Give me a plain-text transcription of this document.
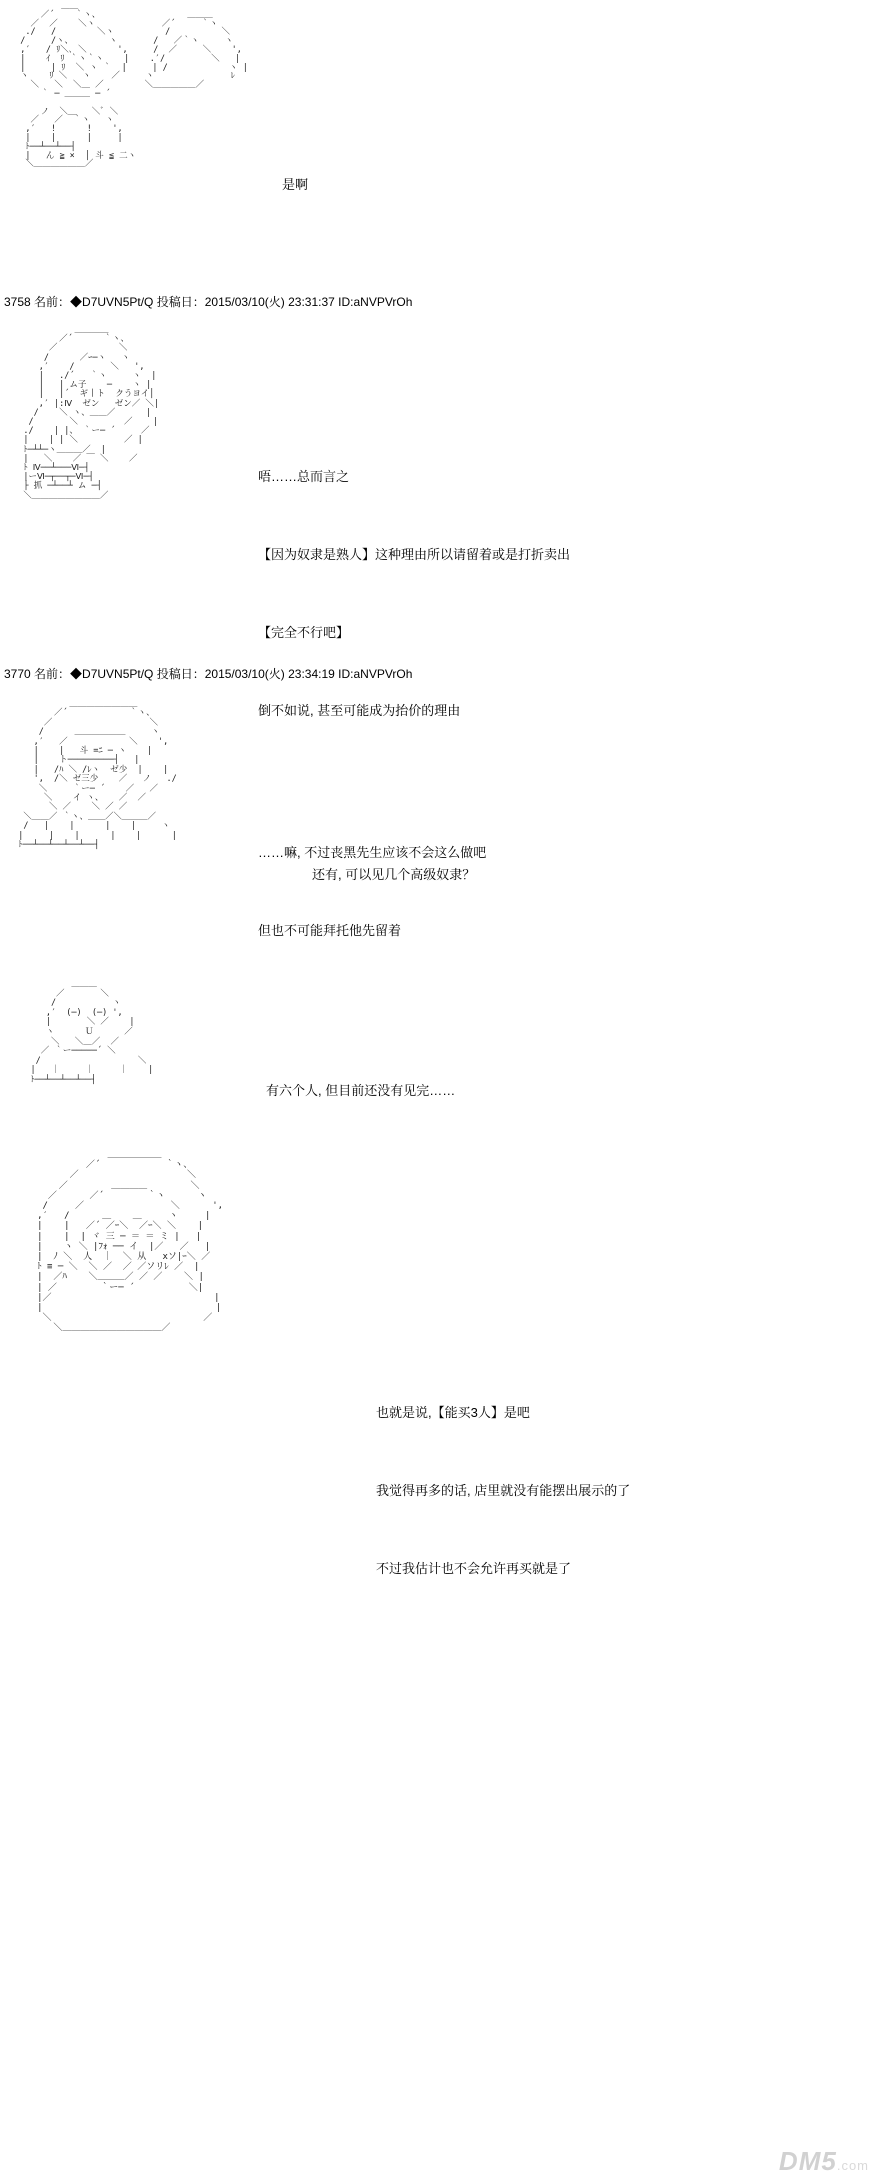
＿＿
／´    ｀ヽ、                 ＿＿＿
／  ／    ＼ヽ             ／´     ｀ヽ
./   /        ＼ヽ          /          ＼
/     /ヽ、       ヽ       /   ／｀ヽ     ヽ
,′   / ﾘ＼､ ＼      ',     /  ／     ＼    ',
|    ｲ  ﾘ ｀ヽ｀ヽ    |    .′/         ＼   |
|     | ﾘ  ＼ ヽ ｀  |     | /            ヽ |
ヽ    ﾘ ＼   ヽ    ／     ヽ               ﾚ
＼   ＼  ＼＿ ／        ＼＿＿＿＿＿／
｀ ─ ＿＿＿ ─ ´

ノ  ＼＿   ＼ﾞ ＼
／   ／  ｀ヽ   ヽ
,′   !      !    ',
|    |      |     |
ﾄ──┴──┴──┤
|   ん ≧ ×  │ 斗 ≦ 二ヽ
＼＿＿＿＿＿＿／

是啊

3758 名前：◆D7UVN5Pt/Q 投稿日：2015/03/10(火) 23:31:37 ID:aNVPVrOh
＿＿＿＿
／´      ｀ヽ、
／            ＼
/      ／ｰ─ヽ   ヽ
,′    /       ＼   ',
|   ./´   ｀ヽ     ヽ  |
|   | ム子    ─    ヽ |
|   |´  ギ丨ト  クうヨイ│
,′ |:Ⅳ  ゼン   ゼン／ ＼|
/    ＼ ヽ、＿＿／      |
/       ＼         ／    |
./    | |、 ｀ー─ ´     ／
|    | | ＼         ／ |
ﾄ─┴┴─ヽ＿＿＿／  |
|   ＼    ／ ￣ ＼    ／
ﾄ Ⅳ──┴───Ⅵ─┤
|ーⅥ─┬──┬─Ⅵ─┤
├ 抓 ─┴──┴ ム ─┤
＼＿＿＿＿＿＿＿＿／

唔……总而言之

【因为奴隶是熟人】这种理由所以请留着或是打折卖出

【完全不行吧】

倒不如说, 甚至可能成为抬价的理由

……嘛, 不过丧黑先生应该不会这么做吧

但也不可能拜托他先留着

3770 名前：◆D7UVN5Pt/Q 投稿日：2015/03/10(火) 23:34:19 ID:aNVPVrOh
＿＿＿＿＿＿＿＿
／´            ｀ヽ、
／                   ＼
/      ＿＿＿＿＿＿     ヽ
,′   ／            ＼    ',
|    |   斗 =ﾆ ─ ヽ    |
|    ト─────────┤   |
|   /ﾊ ＼ /ﾚヽ  ゼ少  |    |
',  /＼ ゼ三少    ／   ノ   ./
＼     ｀ー─ ´    ／   ／
＼    イ ヽ、   ／  ／
＼ ／    ＼ ／ ／
＼＿＿／ ｀ヽ、＿＿／＼＿＿＿／
/   |    |      |    |     ヽ
|     |    |      |    |      |
ﾄ──┴──┴──┴──┴──┤

还有, 可以见几个高级奴隶？

＿＿＿
／       ＼
/           ヽ
,′  (─)  (─) ',
|       ＼ ／    |
ヽ      Ｕ      ／
＼   ＼＿／  ／
／ ｀ー─────´ ＼
/                   ＼
|   ｜     ｜     ｜    |
ﾄ──┴──┴──┴──┤

有六个人, 但目前还没有见完……

＿＿＿＿＿＿
／´            ｀ヽ、
／                    ＼
／        ＿＿＿＿        ＼
／      ／´        ｀ヽ      ヽ
/     ／                ＼      ',
,′   /      ＿    ＿     ヽ     |
|    |   ／´ ／ｰ＼  ／ｰ＼ ＼    |
|    |  | ヾ 三 ─ ＝ ＝ ミ |   |
|    ヽ ＼ |ﾌｫ ── イ  |／   ／   |
|  ﾉ ＼  人  ｜  ＼ 从   xソ|ｰ＼ ／
ﾄ ≡ ─ ＼  ＼ ／  ／ ／ソリﾚ ／  |
|  ／ﾊ    ＼＿＿＿／ ／ ／    ＼ |
| ／        ｀ー─ ´          ＼|
|／                              |
|                                |
＼                            ／
＼＿＿＿＿＿＿＿＿＿＿＿／

也就是说,【能买3人】是吧

我觉得再多的话, 店里就没有能摆出展示的了

不过我估计也不会允许再买就是了

DM5.com
